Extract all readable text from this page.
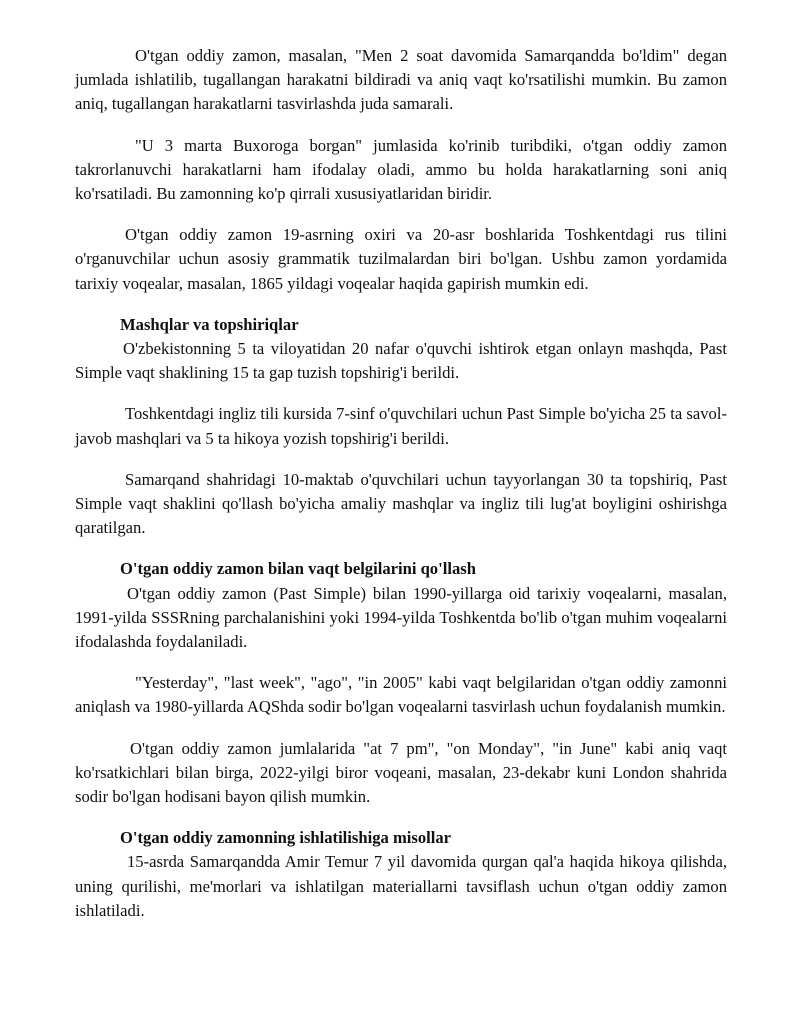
O'tgan oddiy zamon, masalan, "Men 2 soat davomida Samarqandda bo'ldim" degan jumlada ishlatilib, tugallangan harakatni bildiradi va aniq vaqt ko'rsatilishi mumkin. Bu zamon aniq, tugallangan harakatlarni tasvirlashda juda samarali.

"U 3 marta Buxoroga borgan" jumlasida ko'rinib turibdiki, o'tgan oddiy zamon takrorlanuvchi harakatlarni ham ifodalay oladi, ammo bu holda harakatlarning soni aniq ko'rsatiladi. Bu zamonning ko'p qirrali xususiyatlaridan biridir.

O'tgan oddiy zamon 19-asrning oxiri va 20-asr boshlarida Toshkentdagi rus tilini o'rganuvchilar uchun asosiy grammatik tuzilmalardan biri bo'lgan. Ushbu zamon yordamida tarixiy voqealar, masalan, 1865 yildagi voqealar haqida gapirish mumkin edi.

Mashqlar va topshiriqlar

O'zbekistonning 5 ta viloyatidan 20 nafar o'quvchi ishtirok etgan onlayn mashqda, Past Simple vaqt shaklining 15 ta gap tuzish topshirig'i berildi.

Toshkentdagi ingliz tili kursida 7-sinf o'quvchilari uchun Past Simple bo'yicha 25 ta savol-javob mashqlari va 5 ta hikoya yozish topshirig'i berildi.

Samarqand shahridagi 10-maktab o'quvchilari uchun tayyorlangan 30 ta topshiriq, Past Simple vaqt shaklini qo'llash bo'yicha amaliy mashqlar va ingliz tili lug'at boyligini oshirishga qaratilgan.

O'tgan oddiy zamon bilan vaqt belgilarini qo'llash

O'tgan oddiy zamon (Past Simple) bilan 1990-yillarga oid tarixiy voqealarni, masalan, 1991-yilda SSSRning parchalanishini yoki 1994-yilda Toshkentda bo'lib o'tgan muhim voqealarni ifodalashda foydalaniladi.

"Yesterday", "last week", "ago", "in 2005" kabi vaqt belgilaridan o'tgan oddiy zamonni aniqlash va 1980-yillarda AQShda sodir bo'lgan voqealarni tasvirlash uchun foydalanish mumkin.

O'tgan oddiy zamon jumlalarida "at 7 pm", "on Monday", "in June" kabi aniq vaqt ko'rsatkichlari bilan birga, 2022-yilgi biror voqeani, masalan, 23-dekabr kuni London shahrida sodir bo'lgan hodisani bayon qilish mumkin.

O'tgan oddiy zamonning ishlatilishiga misollar

15-asrda Samarqandda Amir Temur 7 yil davomida qurgan qal'a haqida hikoya qilishda, uning qurilishi, me'morlari va ishlatilgan materiallarni tavsiflash uchun o'tgan oddiy zamon ishlatiladi.
